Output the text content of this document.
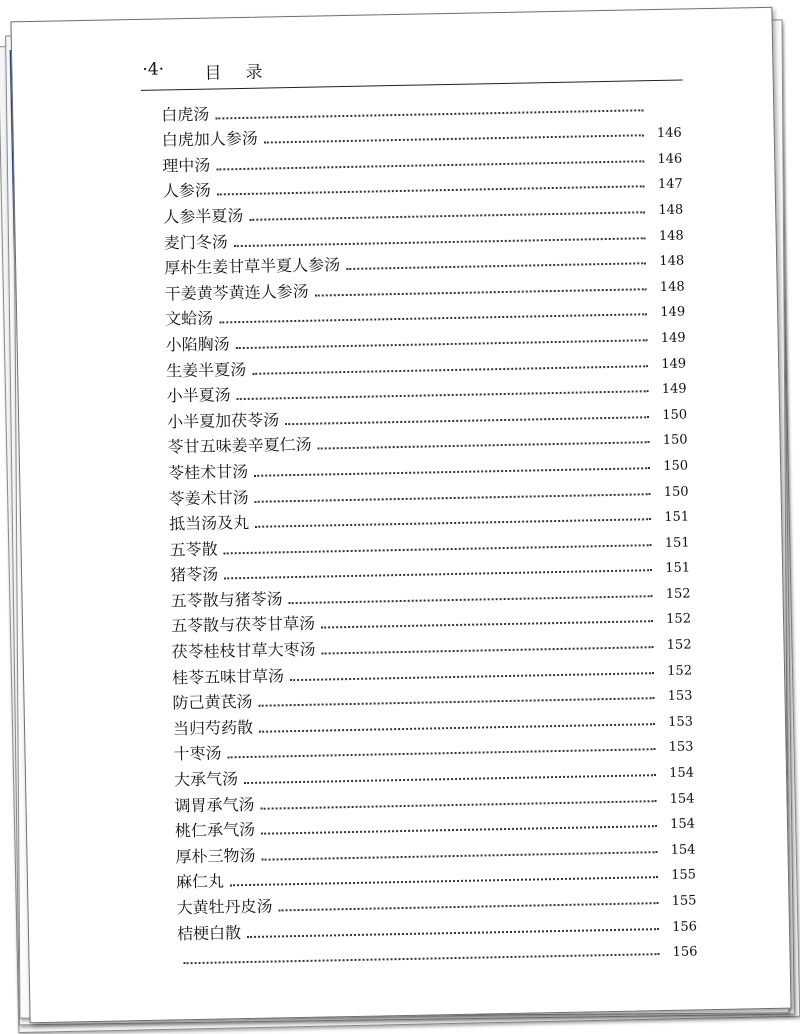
·4· 目录
白虎汤
白虎加人参汤	146
理中汤	146
人参汤	147
人参半夏汤	148
麦门冬汤	148
厚朴生姜甘草半夏人参汤	148
干姜黄芩黄连人参汤	148
文蛤汤	149
小陷胸汤	149
生姜半夏汤	149
小半夏汤	149
小半夏加茯苓汤	150
苓甘五味姜辛夏仁汤	150
苓桂术甘汤	150
苓姜术甘汤	150
抵当汤及丸	151
五苓散	151
猪苓汤	151
五苓散与猪苓汤	152
五苓散与茯苓甘草汤	152
茯苓桂枝甘草大枣汤	152
桂苓五味甘草汤	152
防己黄芪汤	153
当归芍药散	153
十枣汤	153
大承气汤	154
调胃承气汤	154
桃仁承气汤	154
厚朴三物汤	154
麻仁丸	155
大黄牡丹皮汤	155
桔梗白散	156
156
